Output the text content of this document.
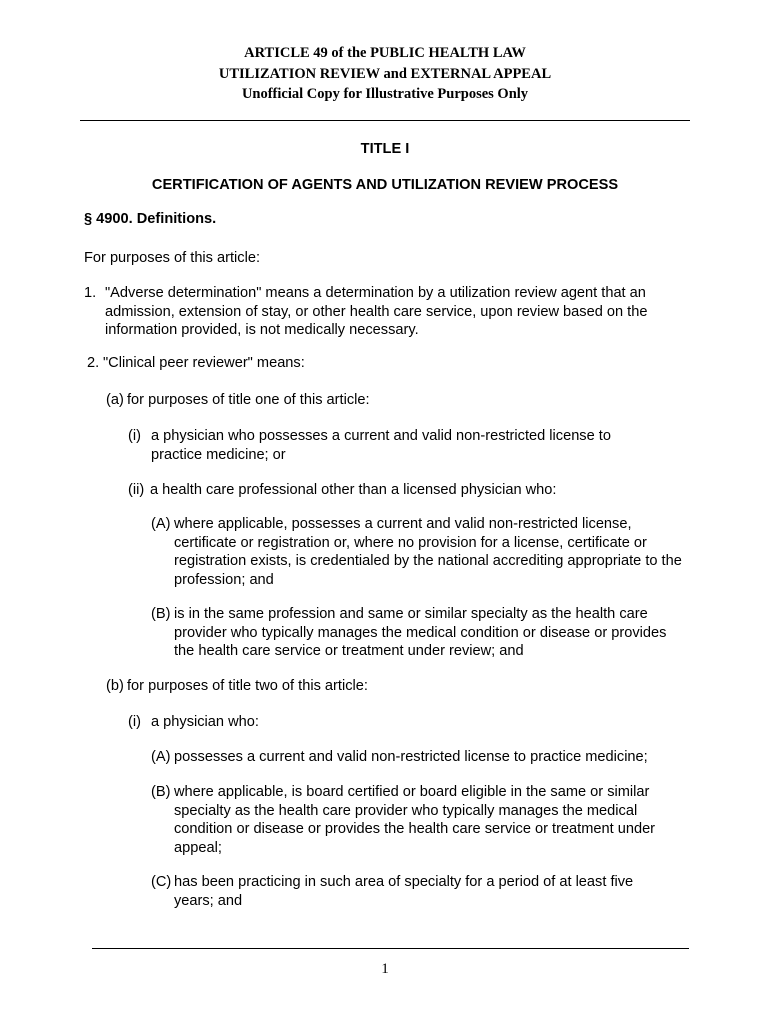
ARTICLE 49 of the PUBLIC HEALTH LAW
UTILIZATION REVIEW and EXTERNAL APPEAL
Unofficial Copy for Illustrative Purposes Only
TITLE I
CERTIFICATION OF AGENTS AND UTILIZATION REVIEW PROCESS
§ 4900. Definitions.
For purposes of this article:
1. "Adverse determination" means a determination by a utilization review agent that an admission, extension of stay, or other health care service, upon review based on the information provided, is not medically necessary.
2. "Clinical peer reviewer" means:
(a) for purposes of title one of this article:
(i) a physician who possesses a current and valid non-restricted license to practice medicine; or
(ii) a health care professional other than a licensed physician who:
(A) where applicable, possesses a current and valid non-restricted license, certificate or registration or, where no provision for a license, certificate or registration exists, is credentialed by the national accrediting appropriate to the profession; and
(B) is in the same profession and same or similar specialty as the health care provider who typically manages the medical condition or disease or provides the health care service or treatment under review; and
(b) for purposes of title two of this article:
(i) a physician who:
(A) possesses a current and valid non-restricted license to practice medicine;
(B) where applicable, is board certified or board eligible in the same or similar specialty as the health care provider who typically manages the medical condition or disease or provides the health care service or treatment under appeal;
(C) has been practicing in such area of specialty for a period of at least five years; and
1
